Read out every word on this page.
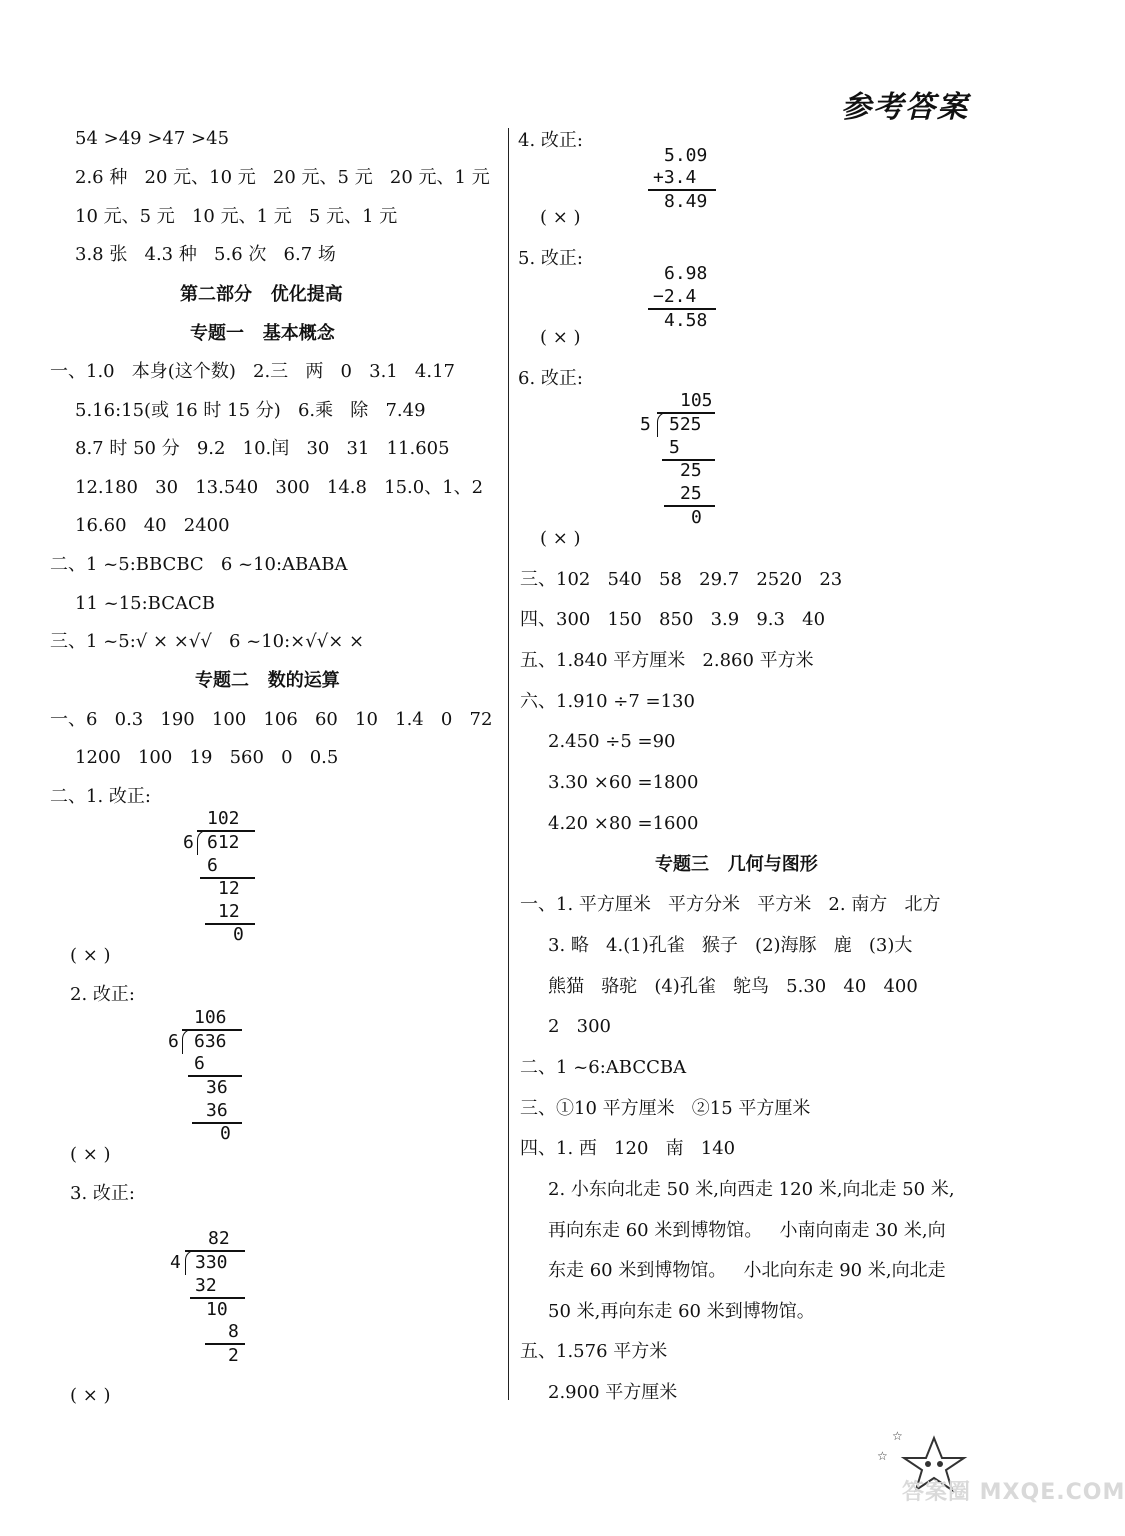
参考答案
54 >49 >47 >45
2.6 种   20 元、10 元   20 元、5 元   20 元、1 元
10 元、5 元   10 元、1 元   5 元、1 元
3.8 张   4.3 种   5.6 次   6.7 场
第二部分   优化提高
专题一   基本概念
一、1.0   本身(这个数)   2.三   两   0   3.1   4.17
5.16:15(或 16 时 15 分)   6.乘   除   7.49
8.7 时 50 分   9.2   10.闰   30   31   11.605
12.180   30   13.540   300   14.8   15.0、1、2
16.60   40   2400
二、1 ~5:BBCBC   6 ~10:ABABA
11 ~15:BCACB
三、1 ~5:√ × ×√√   6 ~10:×√√× ×
专题二   数的运算
一、6   0.3   190   100   106   60   10   1.4   0   72
1200   100   19   560   0   0.5
二、1. 改正:
102
6 612
6
12
12
0
( × )
2. 改正:
106
6 636
6
36
36
0
( × )
3. 改正:
82
4 330
32
10
8
2
( × )
4. 改正:
5.09
+3.4
8.49
( × )
5. 改正:
6.98
−2.4
4.58
( × )
6. 改正:
105
5 525
5
25
25
0
( × )
三、102   540   58   29.7   2520   23
四、300   150   850   3.9   9.3   40
五、1.840 平方厘米   2.860 平方米
六、1.910 ÷7 =130
2.450 ÷5 =90
3.30 ×60 =1800
4.20 ×80 =1600
专题三   几何与图形
一、1. 平方厘米   平方分米   平方米   2. 南方   北方
3. 略   4.(1)孔雀   猴子   (2)海豚   鹿   (3)大
熊猫   骆驼   (4)孔雀   鸵鸟   5.30   40   400
2   300
二、1 ~6:ABCCBA
三、①10 平方厘米   ②15 平方厘米
四、1. 西   120   南   140
2. 小东向北走 50 米,向西走 120 米,向北走 50 米,
再向东走 60 米到博物馆。   小南向南走 30 米,向
东走 60 米到博物馆。   小北向东走 90 米,向北走
50 米,再向东走 60 米到博物馆。
五、1.576 平方米
2.900 平方厘米
☆
☆
答案圈 MXQE.COM
